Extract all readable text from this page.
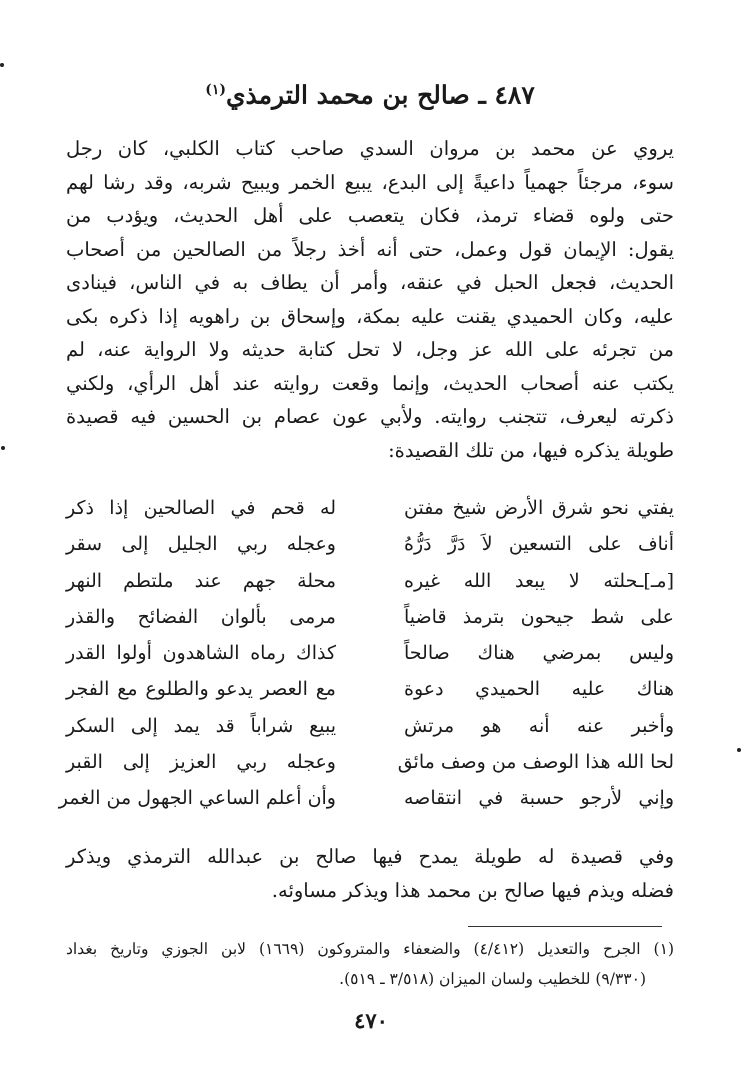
٤٨٧ ـ صالح بن محمد الترمذي$^{(١)}$
يروي عن محمد بن مروان السدي صاحب كتاب الكلبي، كان رجل
سوء، مرجئاً جهمياً داعيةً إلى البدع، يبيع الخمر ويبيح شربه، وقد رشا لهم
حتى ولوه قضاء ترمذ، فكان يتعصب على أهل الحديث، ويؤدب من
يقول: الإيمان قول وعمل، حتى أنه أخذ رجلاً من الصالحين من أصحاب
الحديث، فجعل الحبل في عنقه، وأمر أن يطاف به في الناس، فينادى
عليه، وكان الحميدي يقنت عليه بمكة، وإسحاق بن راهويه إذا ذكره بكى
من تجرئه على الله عز وجل، لا تحل كتابة حديثه ولا الرواية عنه، لم
يكتب عنه أصحاب الحديث، وإنما وقعت روايته عند أهل الرأي، ولكني
ذكرته ليعرف، تتجنب روايته. ولأبي عون عصام بن الحسين فيه قصيدة
طويلة يذكره فيها، من تلك القصيدة:
يفتي نحو شرق الأرض شيخ مفتن
له قحم في الصالحين إذا ذكر
أناف على التسعين لاَ دَرَّ دَرُّهُ
وعجله ربي الجليل إلى سقر
[مـ]ـحلته لا يبعد الله غيره
محلة جهم عند ملتطم النهر
على شط جيحون بترمذ قاضياً
مرمى بألوان الفضائح والقذر
وليس بمرضي هناك صالحاً
كذاك رماه الشاهدون أولوا القدر
هناك عليه الحميدي دعوة
مع العصر يدعو والطلوع مع الفجر
وأخبر عنه أنه هو مرتش
يبيع شراباً قد يمد إلى السكر
لحا الله هذا الوصف من وصف مائق
وعجله ربي العزيز إلى القبر
وإني لأرجو حسبة في انتقاصه
وأن أعلم الساعي الجهول من الغمر
وفي قصيدة له طويلة يمدح فيها صالح بن عبدالله الترمذي ويذكر
فضله ويذم فيها صالح بن محمد هذا ويذكر مساوئه.
(١) الجرح والتعديل (٤/٤١٢) والضعفاء والمتروكون (١٦٦٩) لابن الجوزي وتاريخ بغداد
(٩/٣٣٠) للخطيب ولسان الميزان (٣/٥١٨ ـ ٥١٩).
٤٧٠
